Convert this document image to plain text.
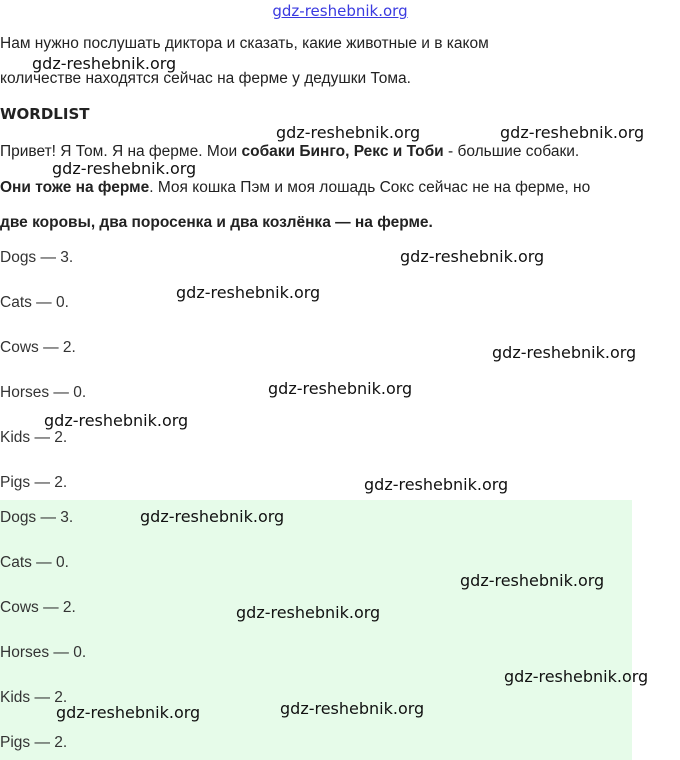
gdz-reshebnik.org
Нам нужно послушать диктора и сказать, какие животные и в каком
количестве находятся сейчас на ферме у дедушки Тома.
WORDLIST
Привет! Я Том. Я на ферме. Мои собаки Бинго, Рекс и Тоби - большие собаки.
Они тоже на ферме. Моя кошка Пэм и моя лошадь Сокс сейчас не на ферме, но
две коровы, два поросенка и два козлёнка — на ферме.
Dogs — 3.
Cats — 0.
Cows — 2.
Horses — 0.
Kids — 2.
Pigs — 2.
Dogs — 3.
Cats — 0.
Cows — 2.
Horses — 0.
Kids — 2.
Pigs — 2.
gdz-reshebnik.org
gdz-reshebnik.org	gdz-reshebnik.org
gdz-reshebnik.org
gdz-reshebnik.org
gdz-reshebnik.org
gdz-reshebnik.org
gdz-reshebnik.org
gdz-reshebnik.org
gdz-reshebnik.org
gdz-reshebnik.org
gdz-reshebnik.org
gdz-reshebnik.org
gdz-reshebnik.org
gdz-reshebnik.org	gdz-reshebnik.org
